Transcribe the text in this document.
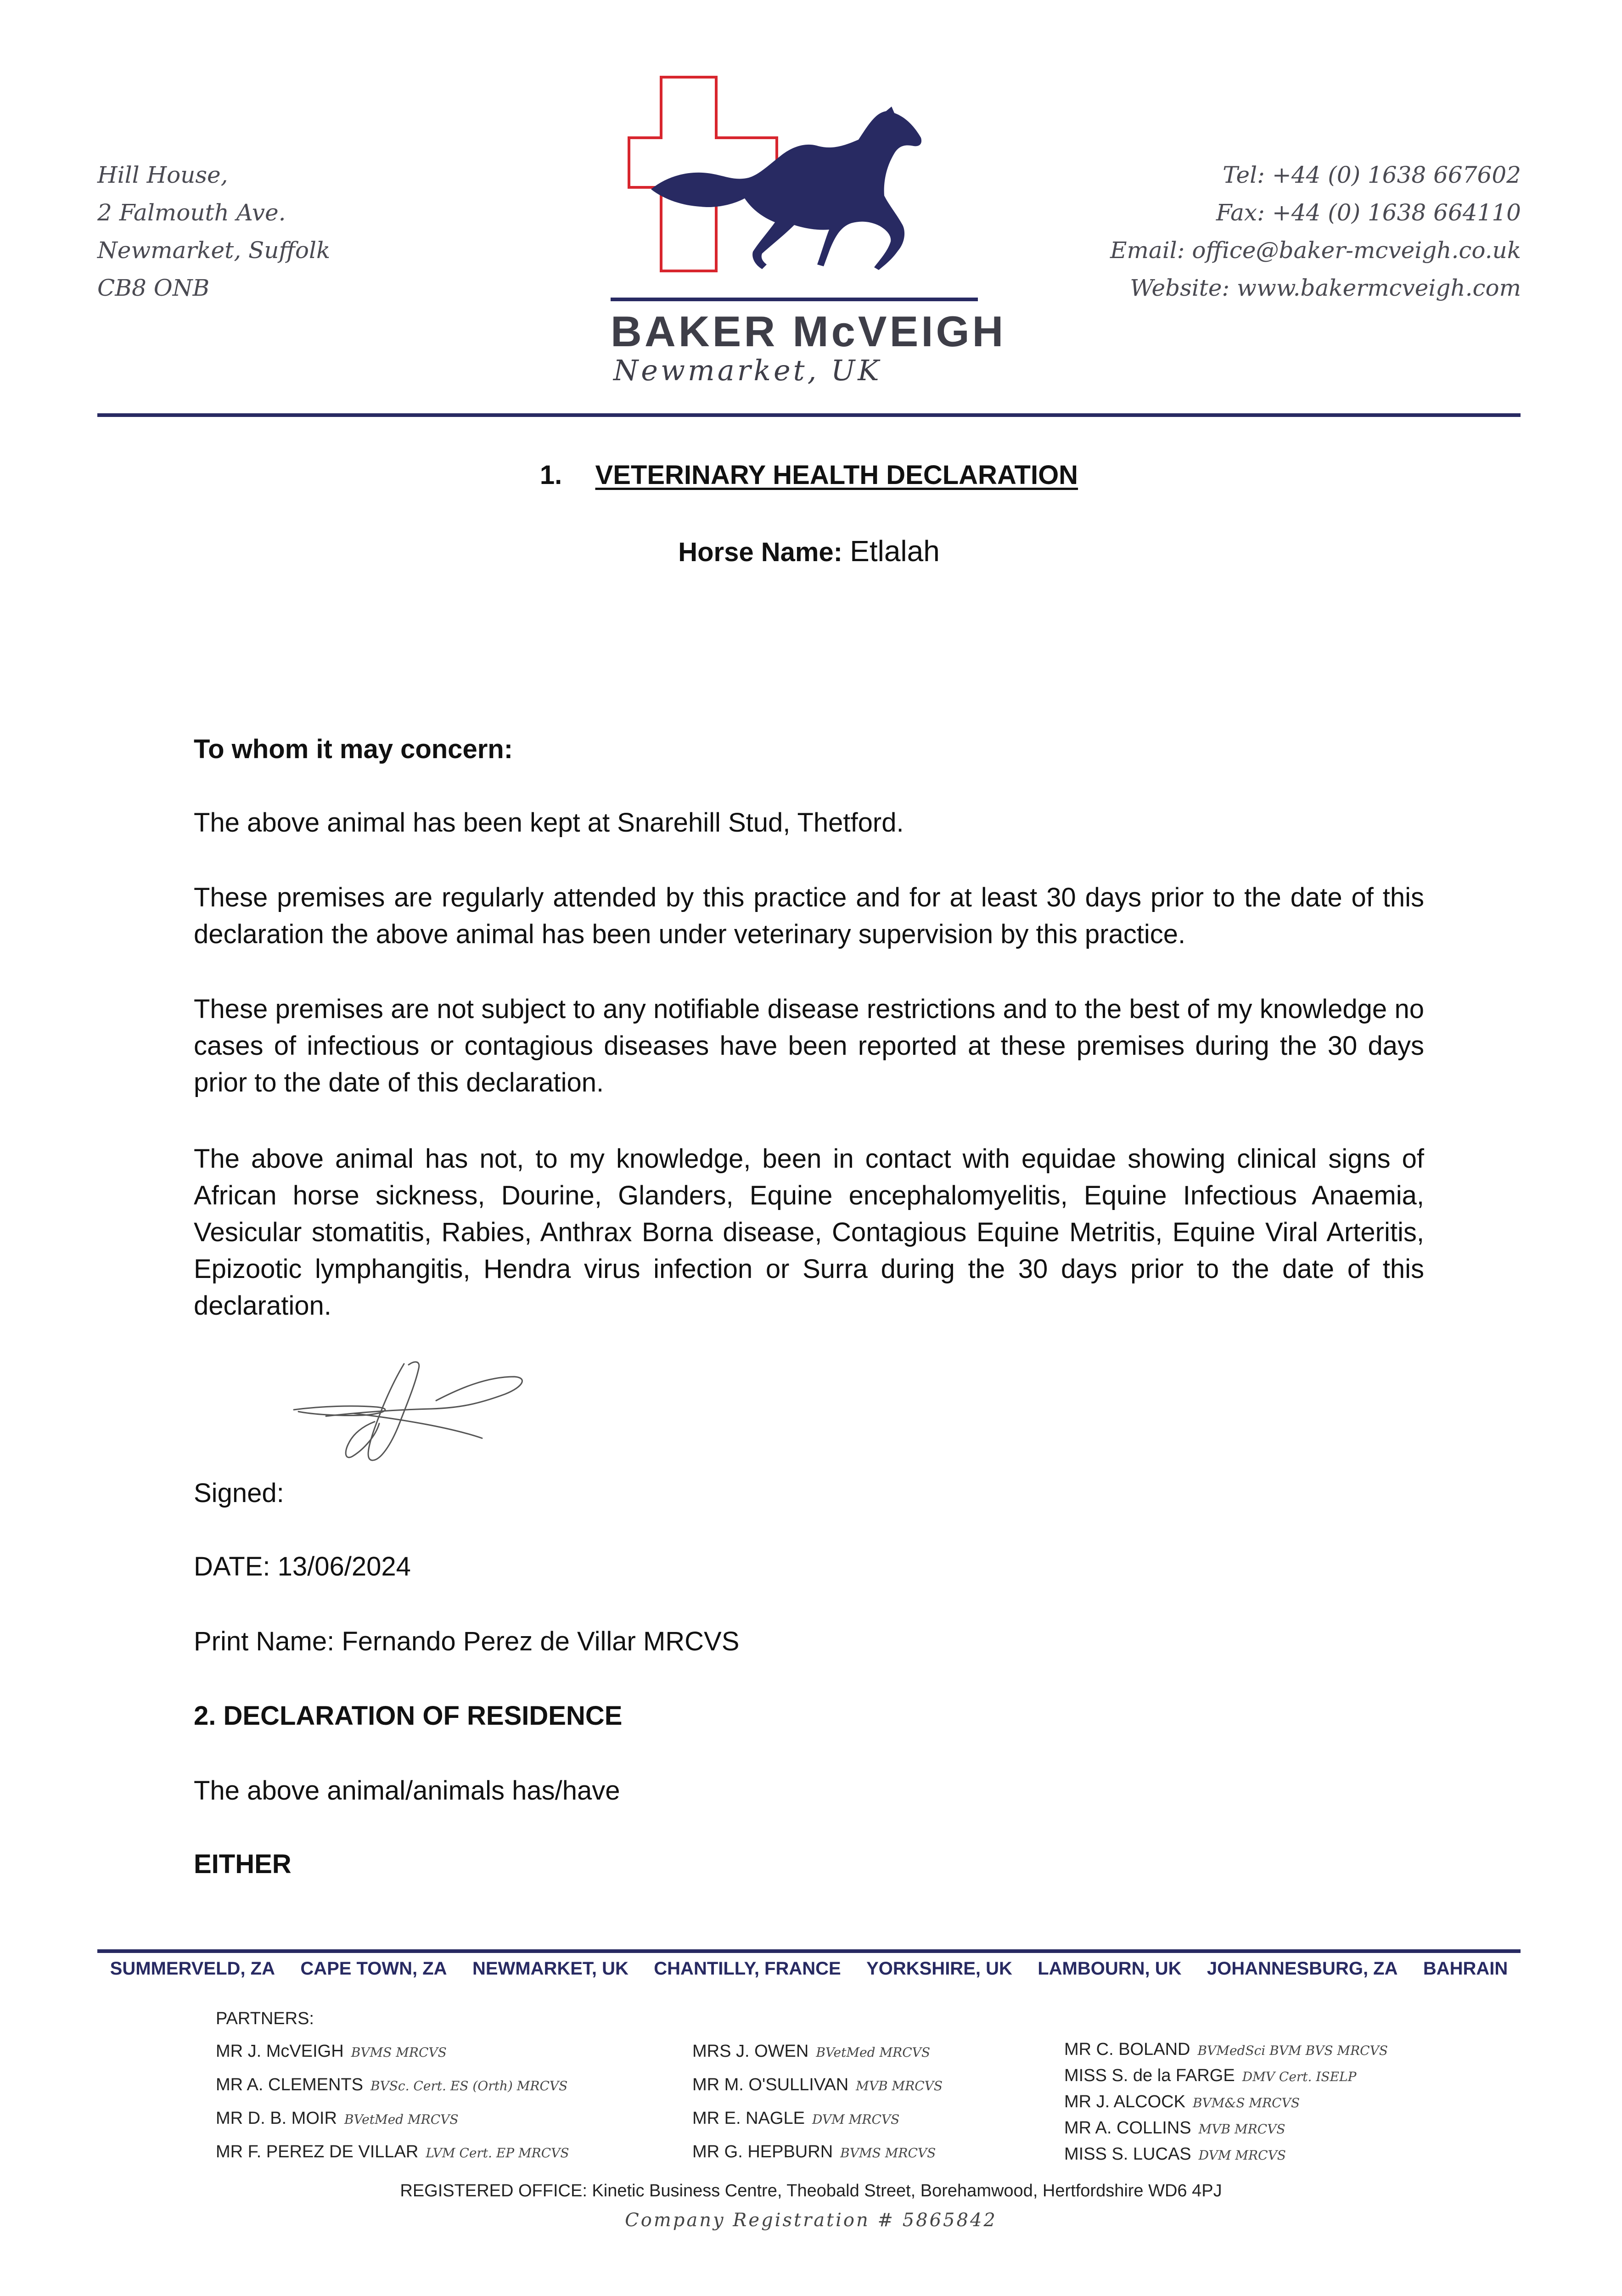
Hill House,
2 Falmouth Ave.
Newmarket, Suffolk
CB8 ONB
BAKER McVEIGH
Newmarket, UK
Tel: +44 (0) 1638 667602
Fax: +44 (0) 1638 664110
Email: office@baker-mcveigh.co.uk
Website: www.bakermcveigh.com
1. VETERINARY HEALTH DECLARATION
Horse Name: Etlalah
To whom it may concern:
The above animal has been kept at Snarehill Stud, Thetford.
These premises are regularly attended by this practice and for at least 30 days prior to the date of this declaration the above animal has been under veterinary supervision by this practice.
These premises are not subject to any notifiable disease restrictions and to the best of my knowledge no cases of infectious or contagious diseases have been reported at these premises during the 30 days prior to the date of this declaration.
The above animal has not, to my knowledge, been in contact with equidae showing clinical signs of African horse sickness, Dourine, Glanders, Equine encephalomyelitis, Equine Infectious Anaemia, Vesicular stomatitis, Rabies, Anthrax Borna disease, Contagious Equine Metritis, Equine Viral Arteritis, Epizootic lymphangitis, Hendra virus infection or Surra during the 30 days prior to the date of this declaration.
Signed:
DATE: 13/06/2024
Print Name: Fernando Perez de Villar MRCVS
2. DECLARATION OF RESIDENCE
The above animal/animals has/have
EITHER
SUMMERVELD, ZA CAPE TOWN, ZA NEWMARKET, UK CHANTILLY, FRANCE YORKSHIRE, UK LAMBOURN, UK JOHANNESBURG, ZA BAHRAIN
PARTNERS:
MR J. McVEIGH BVMS MRCVS
MR A. CLEMENTS BVSc. Cert. ES (Orth) MRCVS
MR D. B. MOIR BVetMed MRCVS
MR F. PEREZ DE VILLAR LVM Cert. EP MRCVS
MRS J. OWEN BVetMed MRCVS
MR M. O'SULLIVAN MVB MRCVS
MR E. NAGLE DVM MRCVS
MR G. HEPBURN BVMS MRCVS
MR C. BOLAND BVMedSci BVM BVS MRCVS
MISS S. de la FARGE DMV Cert. ISELP
MR J. ALCOCK BVM&S MRCVS
MR A. COLLINS MVB MRCVS
MISS S. LUCAS DVM MRCVS
REGISTERED OFFICE: Kinetic Business Centre, Theobald Street, Borehamwood, Hertfordshire WD6 4PJ
Company Registration # 5865842
